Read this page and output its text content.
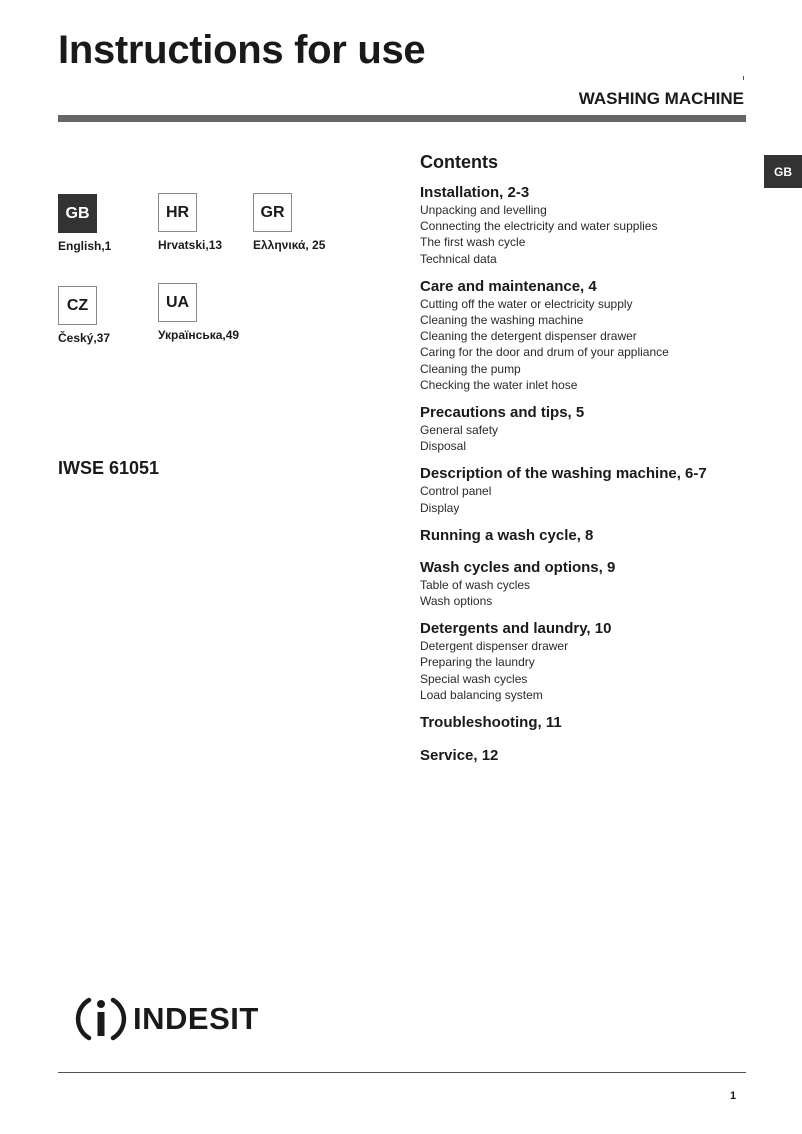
Instructions for use
WASHING MACHINE
GB
GB
English,1
HR
Hrvatski,13
GR
Ελληνικά, 25
CZ
Český,37
UA
Українська,49
IWSE 61051
Contents
Installation, 2-3
Unpacking and levelling
Connecting the electricity and water supplies
The first wash cycle
Technical data
Care and maintenance, 4
Cutting off the water or electricity supply
Cleaning the washing machine
Cleaning the detergent dispenser drawer
Caring for the door and drum of your appliance
Cleaning the pump
Checking the water inlet hose
Precautions and tips, 5
General safety
Disposal
Description of the washing machine, 6-7
Control panel
Display
Running a wash cycle, 8
Wash cycles and options, 9
Table of wash cycles
Wash options
Detergents and laundry, 10
Detergent dispenser drawer
Preparing the laundry
Special wash cycles
Load balancing system
Troubleshooting, 11
Service, 12
INDESIT
1
